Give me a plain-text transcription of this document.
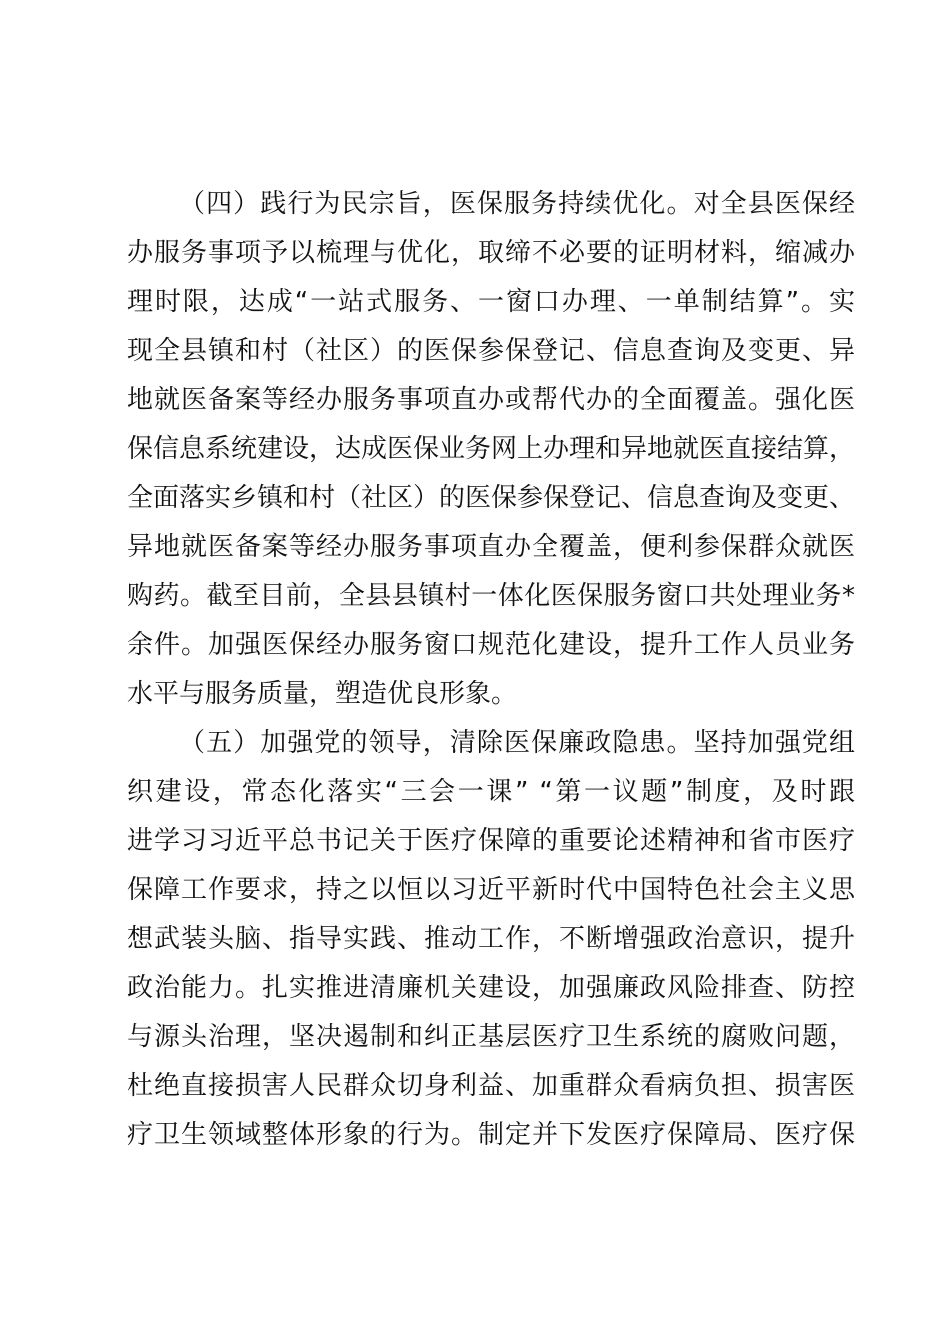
（四）践行为民宗旨，医保服务持续优化。对全县医保经
办服务事项予以梳理与优化，取缔不必要的证明材料，缩减办
理时限，达成“一站式服务、一窗口办理、一单制结算”。实
现全县镇和村（社区）的医保参保登记、信息查询及变更、异
地就医备案等经办服务事项直办或帮代办的全面覆盖。强化医
保信息系统建设，达成医保业务网上办理和异地就医直接结算，
全面落实乡镇和村（社区）的医保参保登记、信息查询及变更、
异地就医备案等经办服务事项直办全覆盖，便利参保群众就医
购药。截至目前，全县县镇村一体化医保服务窗口共处理业务*
余件。加强医保经办服务窗口规范化建设，提升工作人员业务
水平与服务质量，塑造优良形象。
（五）加强党的领导，清除医保廉政隐患。坚持加强党组
织建设，常态化落实“三会一课” “第一议题”制度，及时跟
进学习习近平总书记关于医疗保障的重要论述精神和省市医疗
保障工作要求，持之以恒以习近平新时代中国特色社会主义思
想武装头脑、指导实践、推动工作，不断增强政治意识，提升
政治能力。扎实推进清廉机关建设，加强廉政风险排查、防控
与源头治理，坚决遏制和纠正基层医疗卫生系统的腐败问题，
杜绝直接损害人民群众切身利益、加重群众看病负担、损害医
疗卫生领域整体形象的行为。制定并下发医疗保障局、医疗保
